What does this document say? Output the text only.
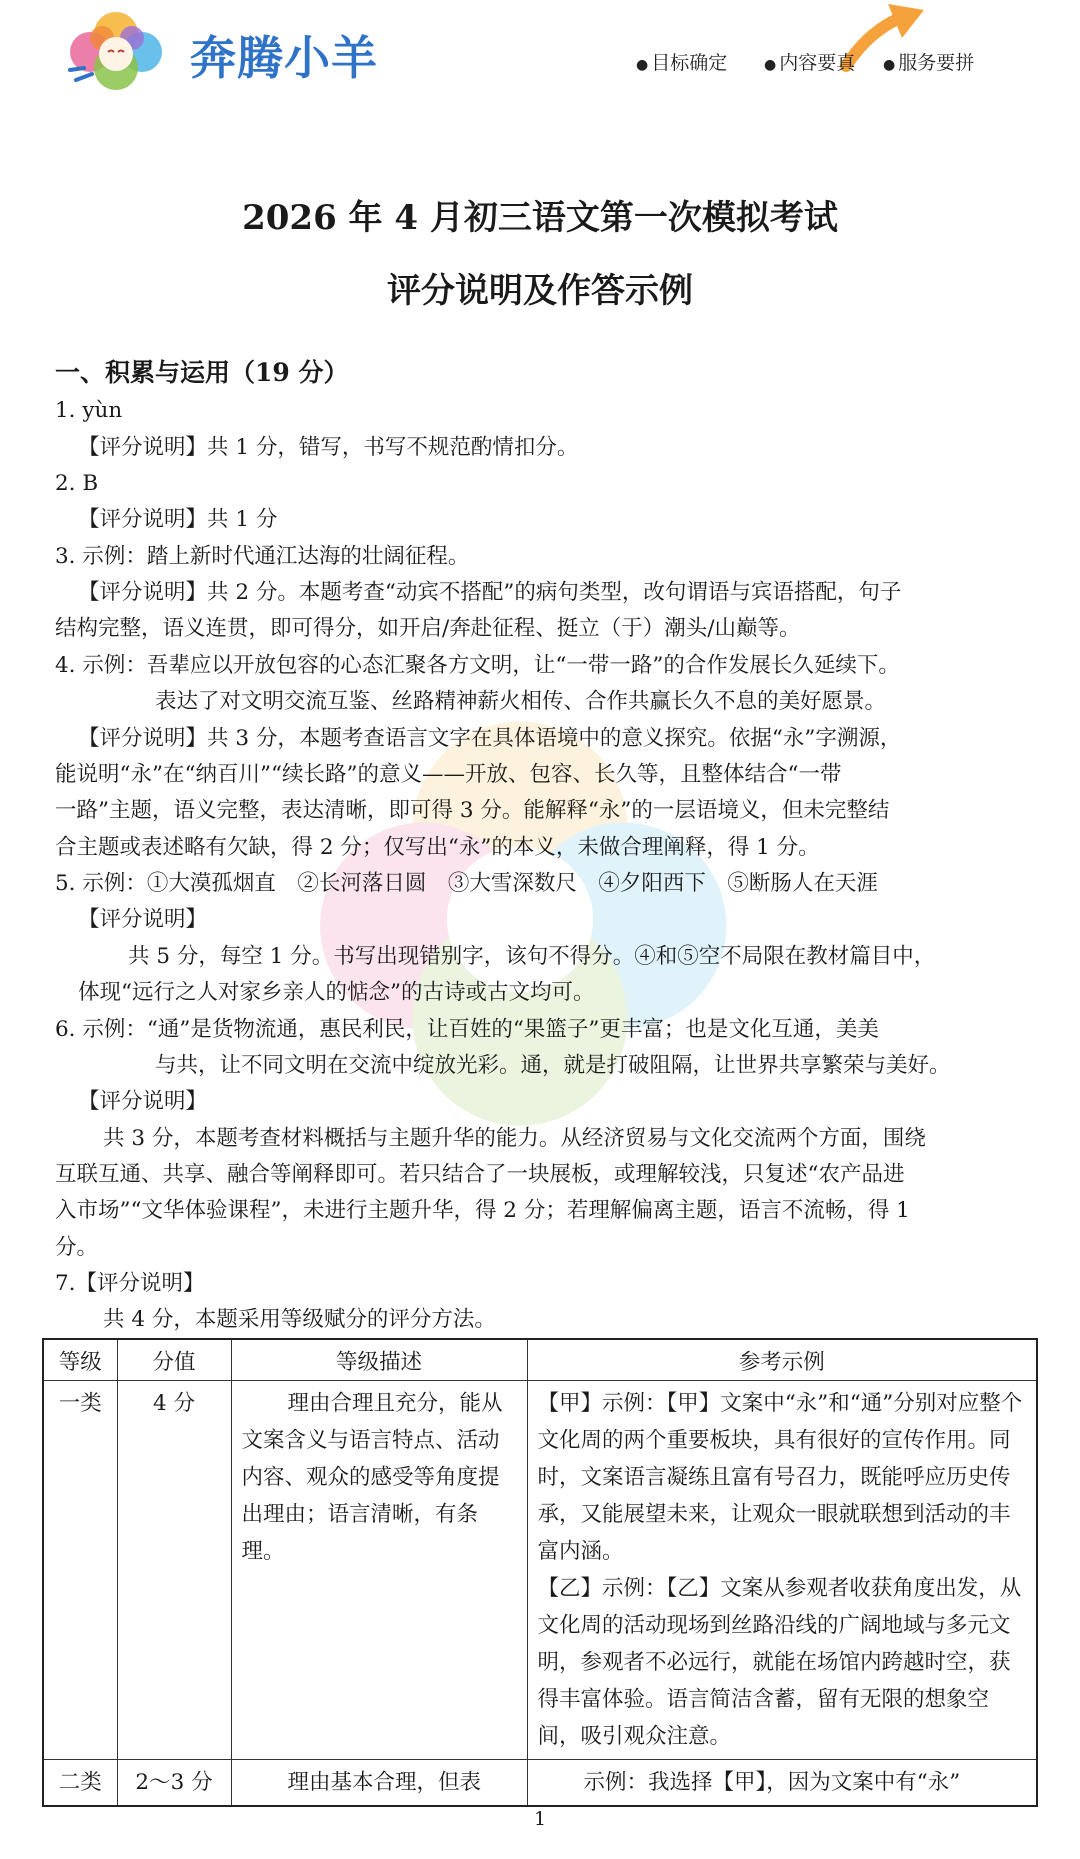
奔腾小羊	● 目标确定	● 内容要真 ● 服务要拼
2026 年 4 月初三语文第一次模拟考试
评分说明及作答示例
一、积累与运用（19 分）
1. yùn
【评分说明】共 1 分，错写，书写不规范酌情扣分。
2. B
【评分说明】共 1 分
3. 示例：踏上新时代通江达海的壮阔征程。
【评分说明】共 2 分。本题考查“动宾不搭配”的病句类型，改句谓语与宾语搭配，句子
结构完整，语义连贯，即可得分，如开启/奔赴征程、挺立（于）潮头/山巅等。
4. 示例：吾辈应以开放包容的心态汇聚各方文明，让“一带一路”的合作发展长久延续下。
表达了对文明交流互鉴、丝路精神薪火相传、合作共赢长久不息的美好愿景。
【评分说明】共 3 分，本题考查语言文字在具体语境中的意义探究。依据“永”字溯源，
能说明“永”在“纳百川”“续长路”的意义——开放、包容、长久等，且整体结合“一带
一路”主题，语义完整，表达清晰，即可得 3 分。能解释“永”的一层语境义，但未完整结
合主题或表述略有欠缺，得 2 分；仅写出“永”的本义，未做合理阐释，得 1 分。
5. 示例：①大漠孤烟直　②长河落日圆　③大雪深数尺　④夕阳西下　⑤断肠人在天涯
【评分说明】
共 5 分，每空 1 分。书写出现错别字，该句不得分。④和⑤空不局限在教材篇目中，
体现“远行之人对家乡亲人的惦念”的古诗或古文均可。
6. 示例：“通”是货物流通，惠民利民，让百姓的“果篮子”更丰富；也是文化互通，美美
与共，让不同文明在交流中绽放光彩。通，就是打破阻隔，让世界共享繁荣与美好。
【评分说明】
共 3 分，本题考查材料概括与主题升华的能力。从经济贸易与文化交流两个方面，围绕
互联互通、共享、融合等阐释即可。若只结合了一块展板，或理解较浅，只复述“农产品进
入市场”“文华体验课程”，未进行主题升华，得 2 分；若理解偏离主题，语言不流畅，得 1
分。
7.【评分说明】
共 4 分，本题采用等级赋分的评分方法。
等级	分值	等级描述	参考示例
一类	4 分	理由合理且充分，能从文案含义与语言特点、活动内容、观众的感受等角度提出理由；语言清晰，有条理。	【甲】示例：【甲】文案中“永”和“通”分别对应整个文化周的两个重要板块，具有很好的宣传作用。同时，文案语言凝练且富有号召力，既能呼应历史传承，又能展望未来，让观众一眼就联想到活动的丰富内涵。
【乙】示例：【乙】文案从参观者收获角度出发，从文化周的活动现场到丝路沿线的广阔地域与多元文明，参观者不必远行，就能在场馆内跨越时空，获得丰富体验。语言简洁含蓄，留有无限的想象空间，吸引观众注意。

二类	2～3 分	理由基本合理，但表	示例：我选择【甲】，因为文案中有“永”
1
